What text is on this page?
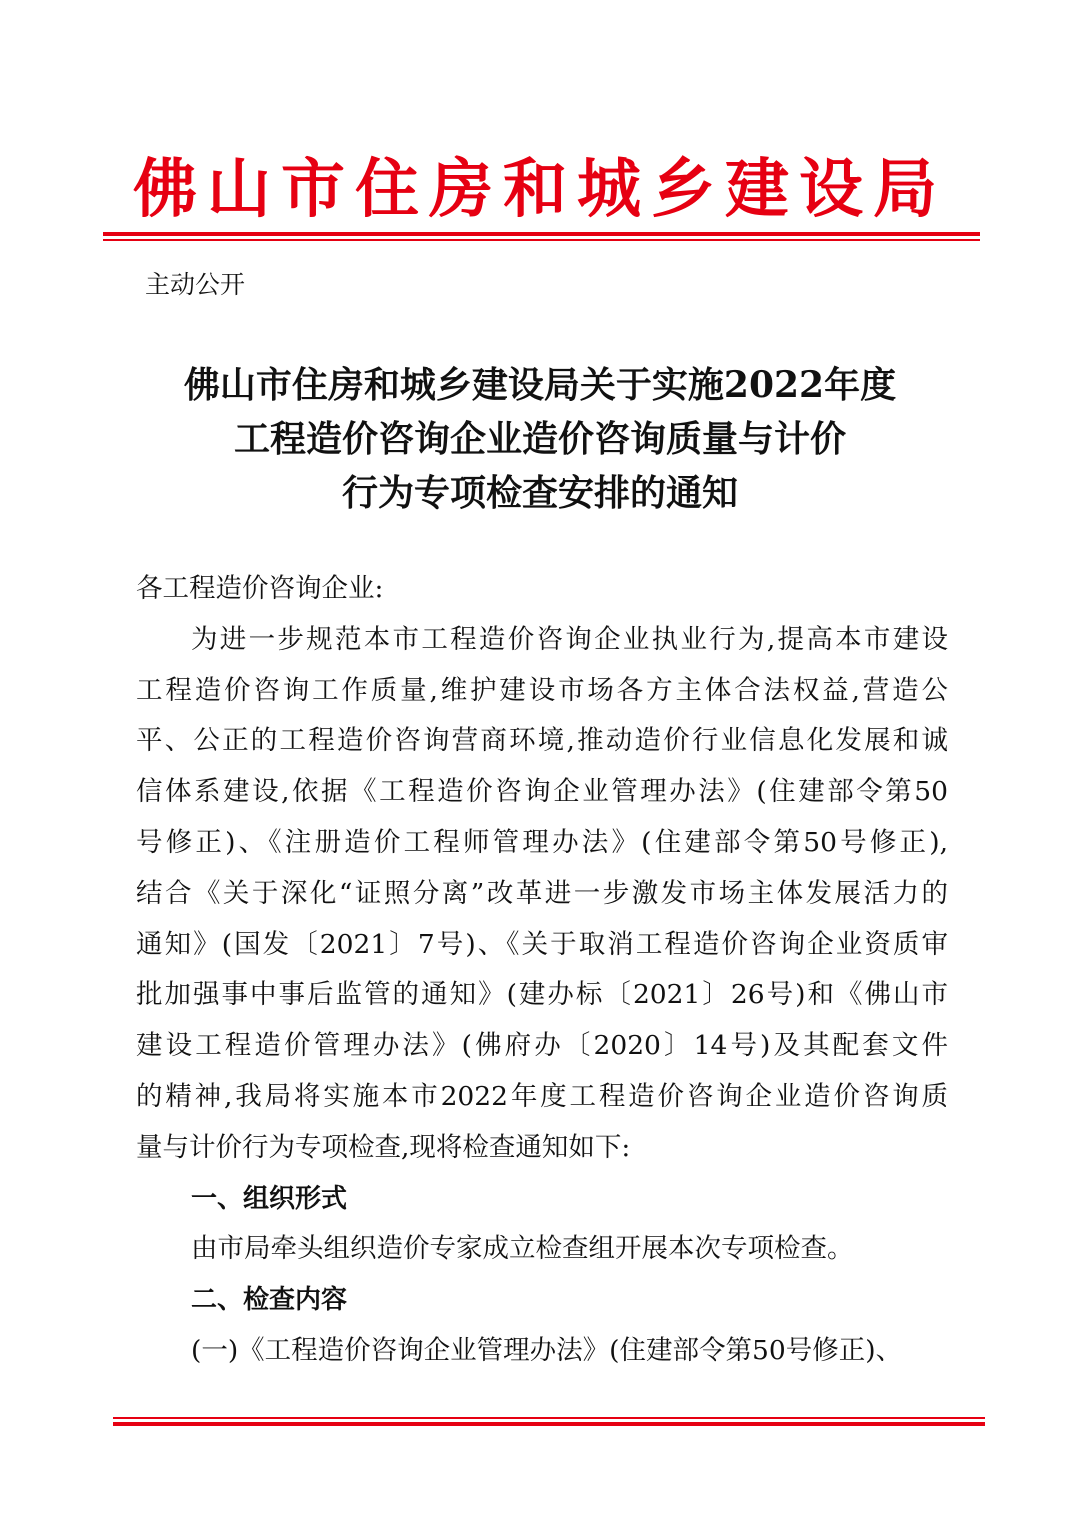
佛山市住房和城乡建设局
主动公开
佛山市住房和城乡建设局关于实施2022年度
工程造价咨询企业造价咨询质量与计价
行为专项检查安排的通知
各工程造价咨询企业:
为进一步规范本市工程造价咨询企业执业行为,提高本市建设
工程造价咨询工作质量,维护建设市场各方主体合法权益,营造公
平、公正的工程造价咨询营商环境,推动造价行业信息化发展和诚
信体系建设,依据《工程造价咨询企业管理办法》(住建部令第50
号修正)、《注册造价工程师管理办法》(住建部令第50号修正),
结合《关于深化“证照分离”改革进一步激发市场主体发展活力的
通知》(国发〔2021〕7号)、《关于取消工程造价咨询企业资质审
批加强事中事后监管的通知》(建办标〔2021〕26号)和《佛山市
建设工程造价管理办法》(佛府办〔2020〕14号)及其配套文件
的精神,我局将实施本市2022年度工程造价咨询企业造价咨询质
量与计价行为专项检查,现将检查通知如下:
一、组织形式
由市局牵头组织造价专家成立检查组开展本次专项检查。
二、检查内容
(一)《工程造价咨询企业管理办法》(住建部令第50号修正)、
